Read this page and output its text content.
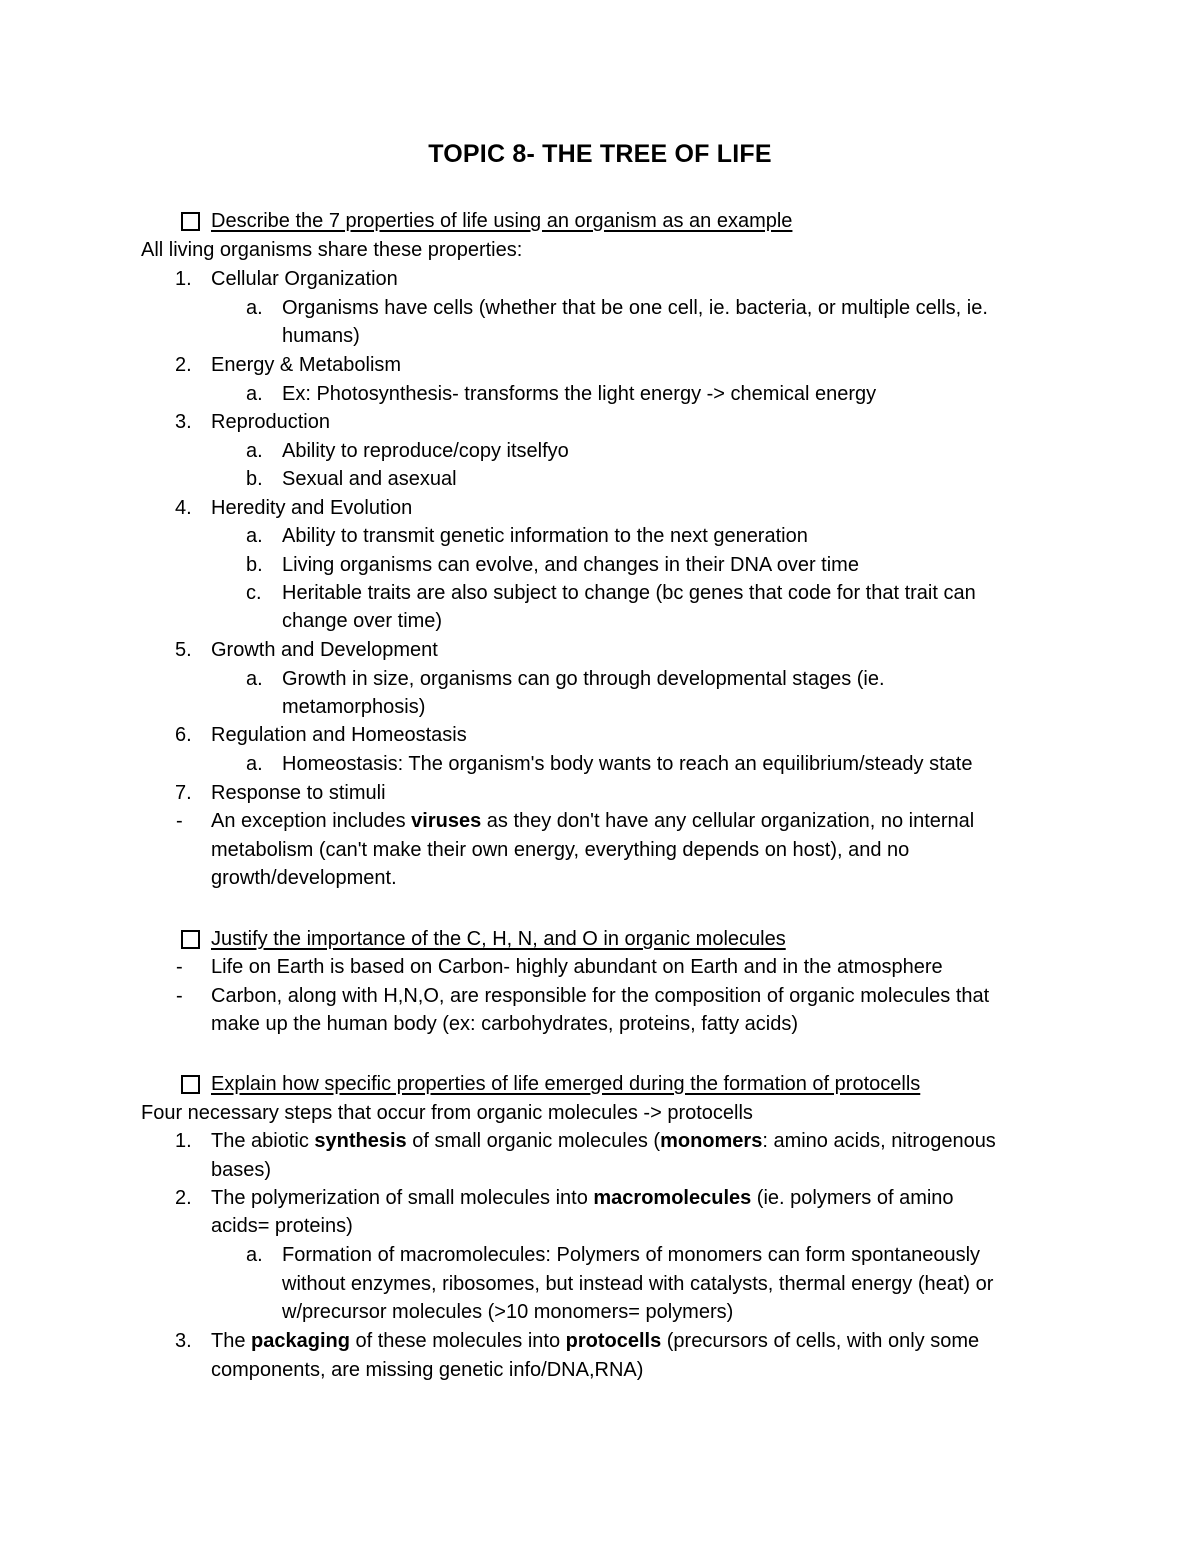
TOPIC 8- THE TREE OF LIFE
Describe the 7 properties of life using an organism as an example
All living organisms share these properties:
1. Cellular Organization
a. Organisms have cells (whether that be one cell, ie. bacteria, or multiple cells, ie.
humans)
2. Energy & Metabolism
a. Ex: Photosynthesis- transforms the light energy -> chemical energy
3. Reproduction
a. Ability to reproduce/copy itselfyo
b. Sexual and asexual
4. Heredity and Evolution
a. Ability to transmit genetic information to the next generation
b. Living organisms can evolve, and changes in their DNA over time
c. Heritable traits are also subject to change (bc genes that code for that trait can
change over time)
5. Growth and Development
a. Growth in size, organisms can go through developmental stages (ie.
metamorphosis)
6. Regulation and Homeostasis
a. Homeostasis: The organism's body wants to reach an equilibrium/steady state
7. Response to stimuli
- An exception includes viruses as they don't have any cellular organization, no internal
metabolism (can't make their own energy, everything depends on host), and no
growth/development.
Justify the importance of the C, H, N, and O in organic molecules
- Life on Earth is based on Carbon- highly abundant on Earth and in the atmosphere
- Carbon, along with H,N,O, are responsible for the composition of organic molecules that
make up the human body (ex: carbohydrates, proteins, fatty acids)
Explain how specific properties of life emerged during the formation of protocells
Four necessary steps that occur from organic molecules -> protocells
1. The abiotic synthesis of small organic molecules (monomers: amino acids, nitrogenous
bases)
2. The polymerization of small molecules into macromolecules (ie. polymers of amino
acids= proteins)
a. Formation of macromolecules: Polymers of monomers can form spontaneously
without enzymes, ribosomes, but instead with catalysts, thermal energy (heat) or
w/precursor molecules (>10 monomers= polymers)
3. The packaging of these molecules into protocells (precursors of cells, with only some
components, are missing genetic info/DNA,RNA)
